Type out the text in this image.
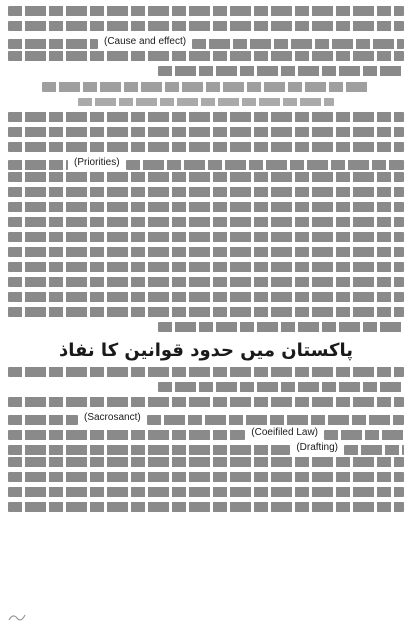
(Cause and effect)
(Priorities)
پاکستان میں حدود قوانین کا نفاذ
(Sacrosanct)
(Coeifiled Law)
(Drafting)
